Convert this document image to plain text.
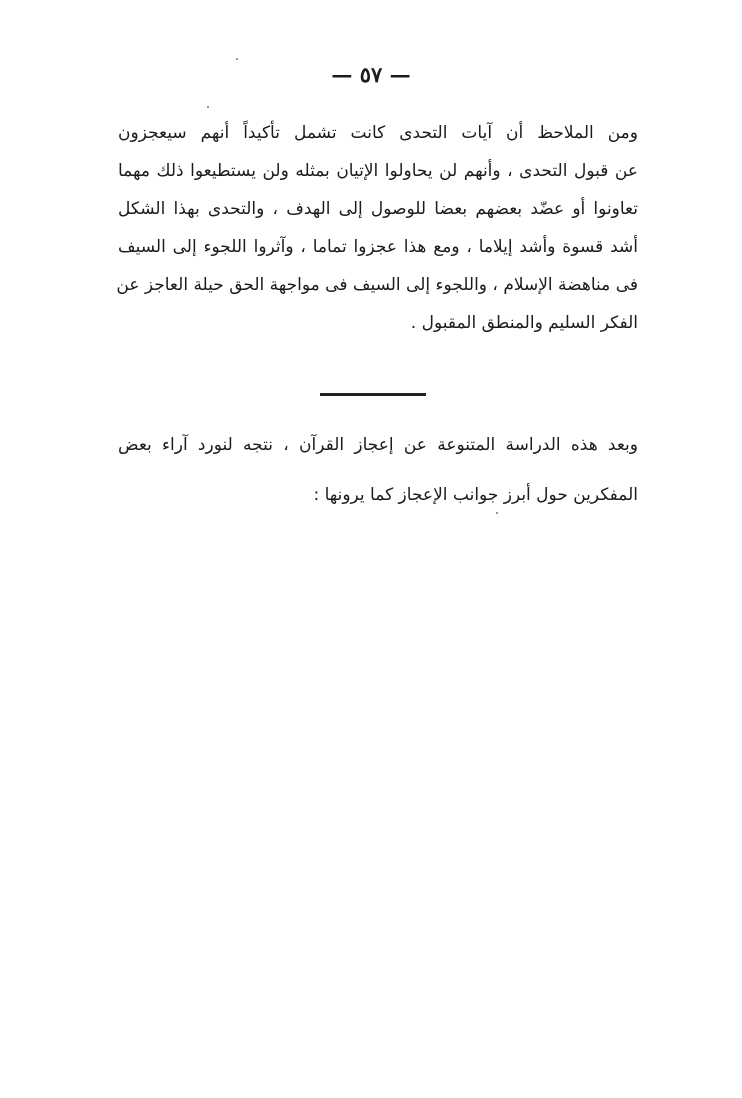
— ٥٧ —
ومن الملاحظ أن آيات التحدى كانت تشمل تأكيداً أنهم سيعجزون
عن قبول التحدى ، وأنهم لن يحاولوا الإتيان بمثله ولن يستطيعوا ذلك مهما
تعاونوا أو عضّد بعضهم بعضا للوصول إلى الهدف ، والتحدى بهذا الشكل
أشد قسوة وأشد إيلاما ، ومع هذا عجزوا تماما ، وآثروا اللجوء إلى السيف
فى مناهضة الإسلام ، واللجوء إلى السيف فى مواجهة الحق حيلة العاجز عن
الفكر السليم والمنطق المقبول .
وبعد هذه الدراسة المتنوعة عن إعجاز القرآن ، نتجه لنورد آراء بعض
المفكرين حول أبرز جوانب الإعجاز كما يرونها :
